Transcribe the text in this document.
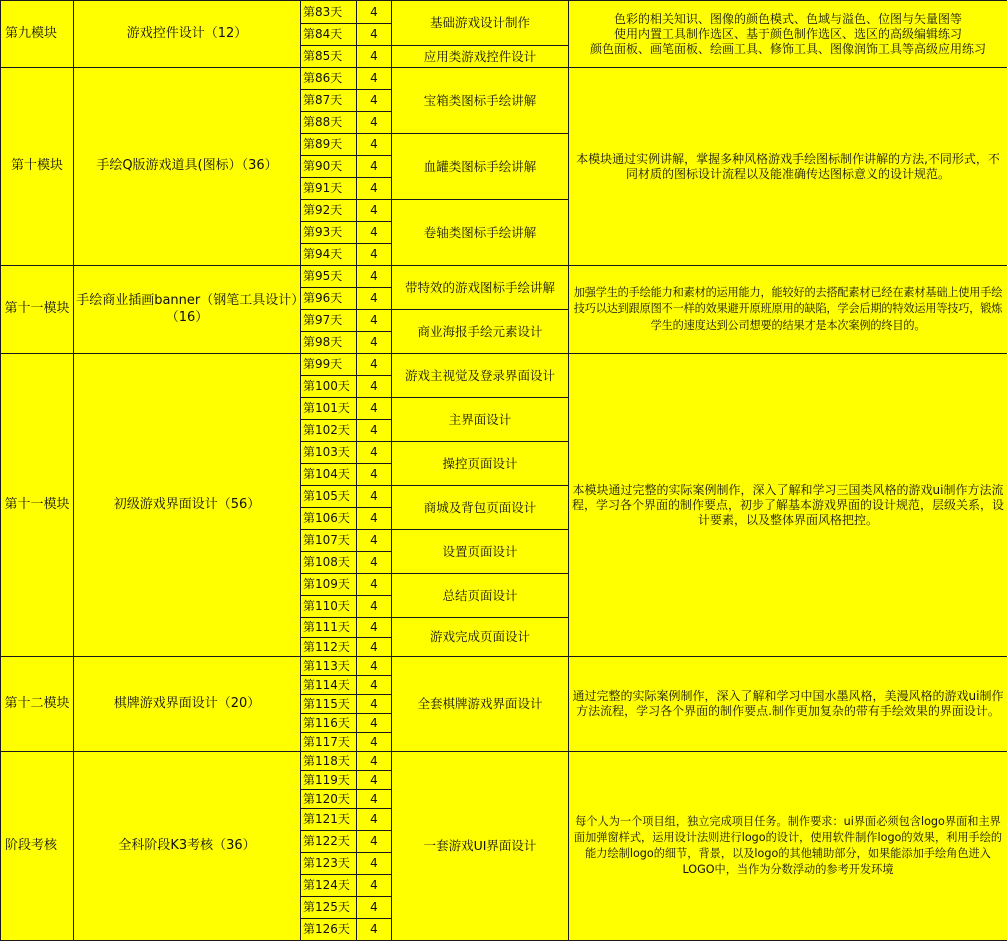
第九模块	游戏控件设计（12）	第83天	4	基础游戏设计制作	色彩的相关知识、图像的颜色模式、色域与溢色、位图与矢量图等
使用内置工具制作选区、基于颜色制作选区、选区的高级编辑练习
颜色面板、画笔面板、绘画工具、修饰工具、图像润饰工具等高级应用练习

		第84天	4		
		第85天	4	应用类游戏控件设计	
第十模块	手绘Q版游戏道具(图标）（36）	第86天	4	宝箱类图标手绘讲解	本模块通过实例讲解，掌握多种风格游戏手绘图标制作讲解的方法,不同形式，不同材质的图标设计流程以及能准确传达图标意义的设计规范。
		第87天	4		
		第88天	4		
		第89天	4	血罐类图标手绘讲解	
		第90天	4		
		第91天	4		
		第92天	4	卷轴类图标手绘讲解	
		第93天	4		
		第94天	4		
第十一模块	手绘商业插画banner（钢笔工具设计）（16）	第95天	4	带特效的游戏图标手绘讲解	加强学生的手绘能力和素材的运用能力，能较好的去搭配素材已经在素材基础上使用手绘技巧以达到跟原图不一样的效果避开原班原用的缺陷，学会后期的特效运用等技巧，锻炼学生的速度达到公司想要的结果才是本次案例的终目的。
		第96天	4		
		第97天	4	商业海报手绘元素设计	
		第98天	4		
第十一模块	初级游戏界面设计（56）	第99天	4	游戏主视觉及登录界面设计	本模块通过完整的实际案例制作，深入了解和学习三国类风格的游戏ui制作方法流程，学习各个界面的制作要点，初步了解基本游戏界面的设计规范，层级关系，设计要素，以及整体界面风格把控。
		第100天	4		
		第101天	4	主界面设计	
		第102天	4		
		第103天	4	操控页面设计	
		第104天	4		
		第105天	4	商城及背包页面设计	
		第106天	4		
		第107天	4	设置页面设计	
		第108天	4		
		第109天	4	总结页面设计	
		第110天	4		
		第111天	4	游戏完成页面设计	
		第112天	4		
第十二模块	棋牌游戏界面设计（20）	第113天	4	全套棋牌游戏界面设计	通过完整的实际案例制作，深入了解和学习中国水墨风格，美漫风格的游戏ui制作方法流程，学习各个界面的制作要点.制作更加复杂的带有手绘效果的界面设计。
		第114天	4		
		第115天	4		
		第116天	4		
		第117天	4		
阶段考核	全科阶段K3考核（36）	第118天	4	一套游戏UI界面设计	每个人为一个项目组，独立完成项目任务。制作要求：ui界面必须包含logo界面和主界面加弹窗样式，运用设计法则进行logo的设计，使用软件制作logo的效果，利用手绘的能力绘制logo的细节，背景，以及logo的其他辅助部分，如果能添加手绘角色进入LOGO中，当作为分数浮动的参考开发环境
		第119天	4		
		第120天	4		
		第121天	4		
		第122天	4		
		第123天	4		
		第124天	4		
		第125天	4		
		第126天	4		
